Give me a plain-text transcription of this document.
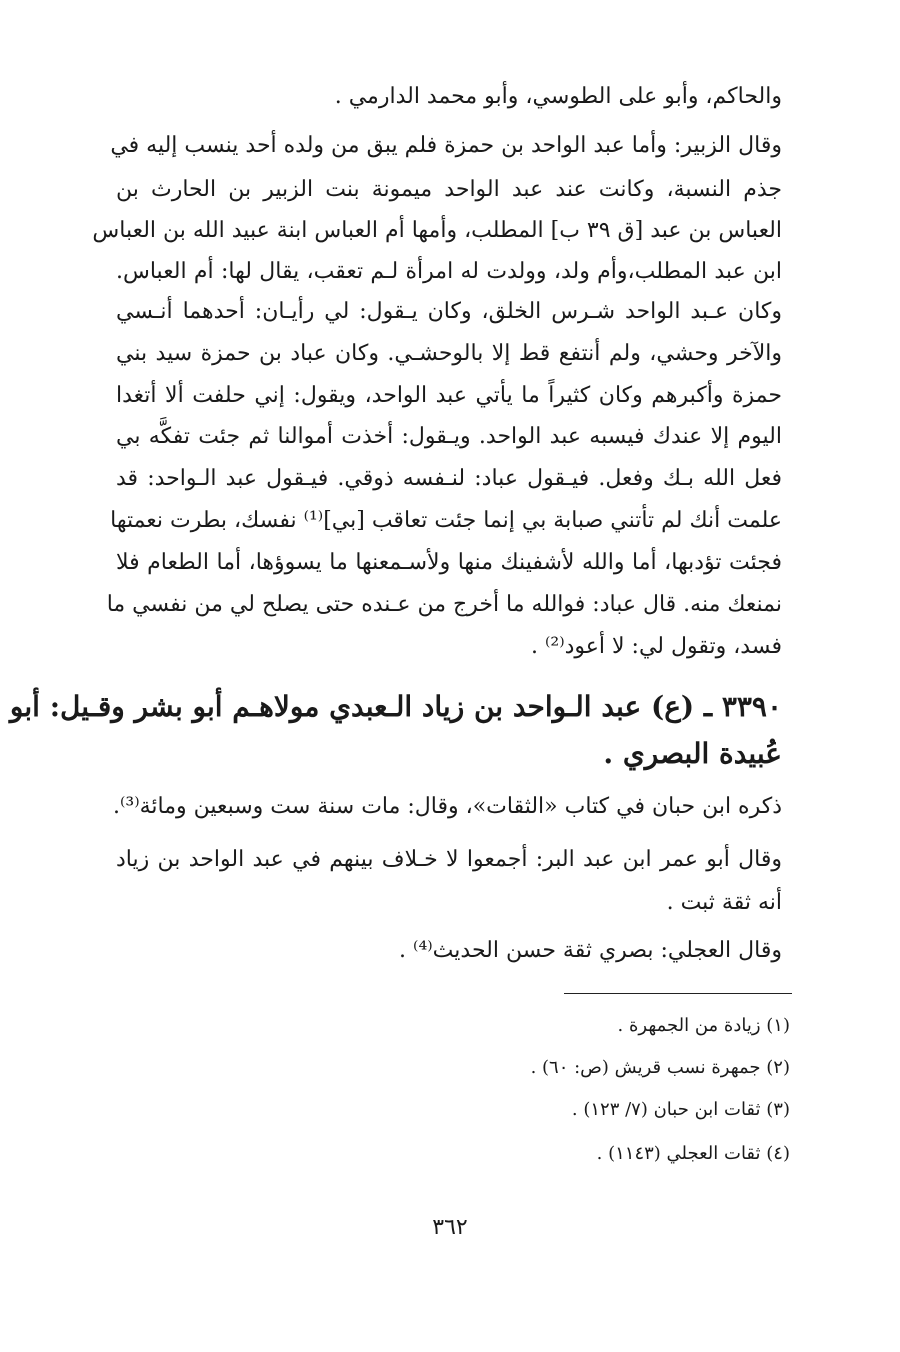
والحاكم، وأبو على الطوسي، وأبو محمد الدارمي .
وقال الزبير: وأما عبد الواحد بن حمزة فلم يبق من ولده أحد ينسب إليه في
جذم النسبة، وكانت عند عبد الواحد ميمونة بنت الزبير بن الحارث بن
العباس بن عبد [ق ٣٩ ب] المطلب، وأمها أم العباس ابنة عبيد الله بن العباس
ابن عبد المطلب،وأم ولد، وولدت له امرأة لـم تعقب، يقال لها: أم العباس.
وكان عـبد الواحد شـرس الخلق، وكان يـقول: لي رأيـان: أحدهما أنـسي
والآخر وحشي، ولم أنتفع قط إلا بالوحشـي. وكان عباد بن حمزة سيد بني
حمزة وأكبرهم وكان كثيراً ما يأتي عبد الواحد، ويقول: إني حلفت ألا أتغدا
اليوم إلا عندك فيسبه عبد الواحد. ويـقول: أخذت أموالنا ثم جئت تفكَّه بي
فعل الله بـك وفعل. فيـقول عباد: لنـفسه ذوقي. فيـقول عبد الـواحد: قد
علمت أنك لم تأتني صبابة بي إنما جئت تعاقب [بي]⁽¹⁾ نفسك، بطرت نعمتها
فجئت تؤدبها، أما والله لأشفينك منها ولأسـمعنها ما يسوؤها، أما الطعام فلا
نمنعك منه. قال عباد: فوالله ما أخرج من عـنده حتى يصلح لي من نفسي ما
فسد، وتقول لي: لا أعود⁽²⁾ .
٣٣٩٠ ـ (ع) عبد الـواحد بن زياد الـعبدي مولاهـم أبو بشر وقـيل: أبو
عُبيدة البصري .
ذكره ابن حبان في كتاب «الثقات»، وقال: مات سنة ست وسبعين ومائة⁽³⁾.
وقال أبو عمر ابن عبد البر: أجمعوا لا خـلاف بينهم في عبد الواحد بن زياد
أنه ثقة ثبت .
وقال العجلي: بصري ثقة حسن الحديث⁽⁴⁾ .
(١) زيادة من الجمهرة .
(٢) جمهرة نسب قريش (ص: ٦٠) .
(٣) ثقات ابن حبان (٧/ ١٢٣) .
(٤) ثقات العجلي (١١٤٣) .
٣٦٢
